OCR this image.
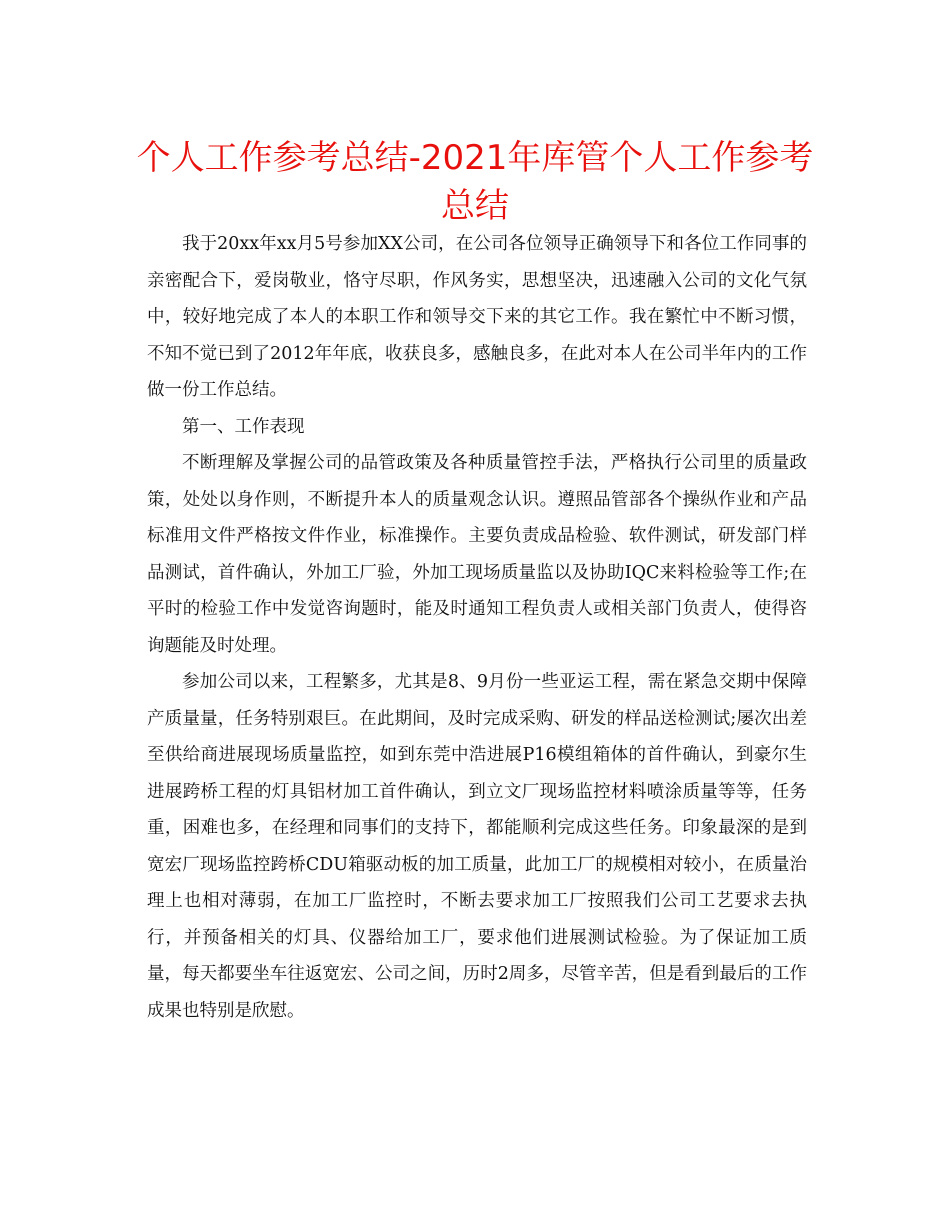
个人工作参考总结-2021年库管个人工作参考总结

我于20xx年xx月5号参加XX公司，在公司各位领导正确领导下和各位工作同事的亲密配合下，爱岗敬业，恪守尽职，作风务实，思想坚决，迅速融入公司的文化气氛中，较好地完成了本人的本职工作和领导交下来的其它工作。我在繁忙中不断习惯，不知不觉已到了2012年年底，收获良多，感触良多，在此对本人在公司半年内的工作做一份工作总结。

第一、工作表现

不断理解及掌握公司的品管政策及各种质量管控手法，严格执行公司里的质量政策，处处以身作则，不断提升本人的质量观念认识。遵照品管部各个操纵作业和产品标准用文件严格按文件作业，标准操作。主要负责成品检验、软件测试，研发部门样品测试，首件确认，外加工厂验，外加工现场质量监以及协助IQC来料检验等工作;在平时的检验工作中发觉咨询题时，能及时通知工程负责人或相关部门负责人，使得咨询题能及时处理。

参加公司以来，工程繁多，尤其是8、9月份一些亚运工程，需在紧急交期中保障产质量量，任务特别艰巨。在此期间，及时完成采购、研发的样品送检测试;屡次出差至供给商进展现场质量监控，如到东莞中浩进展P16模组箱体的首件确认，到豪尔生进展跨桥工程的灯具铝材加工首件确认，到立文厂现场监控材料喷涂质量等等，任务重，困难也多，在经理和同事们的支持下，都能顺利完成这些任务。印象最深的是到宽宏厂现场监控跨桥CDU箱驱动板的加工质量，此加工厂的规模相对较小，在质量治理上也相对薄弱，在加工厂监控时，不断去要求加工厂按照我们公司工艺要求去执行，并预备相关的灯具、仪器给加工厂，要求他们进展测试检验。为了保证加工质量，每天都要坐车往返宽宏、公司之间，历时2周多，尽管辛苦，但是看到最后的工作成果也特别是欣慰。
